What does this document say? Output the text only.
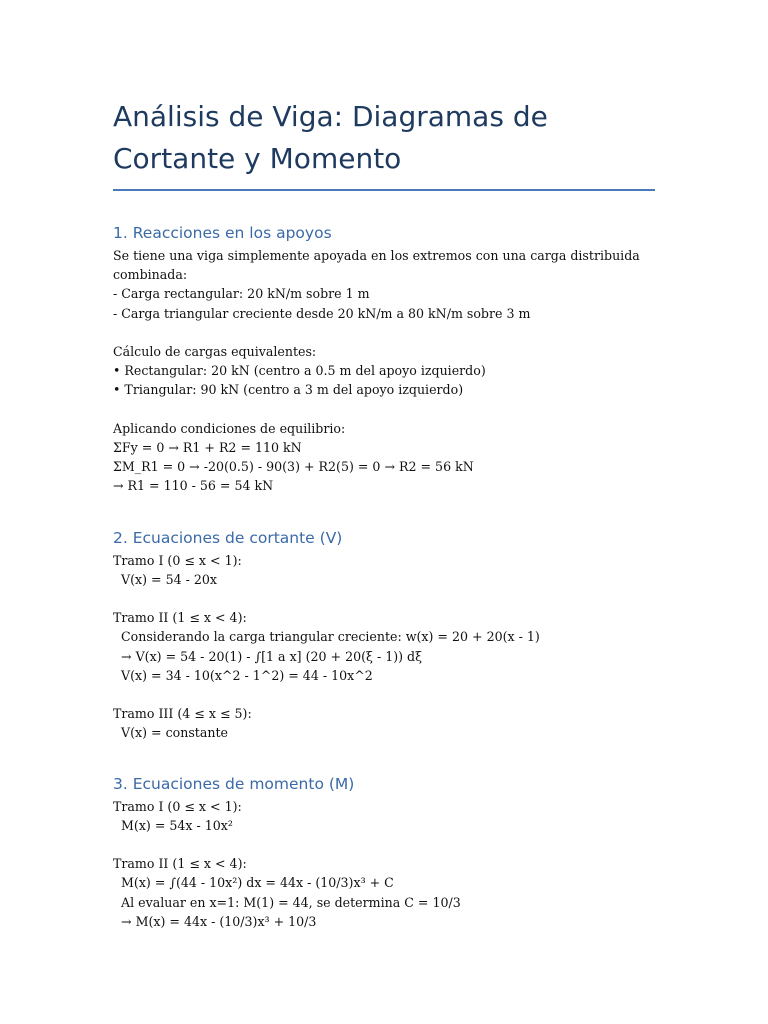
Análisis de Viga: Diagramas de Cortante y Momento
1. Reacciones en los apoyos

Se tiene una viga simplemente apoyada en los extremos con una carga distribuida
combinada:
- Carga rectangular: 20 kN/m sobre 1 m
- Carga triangular creciente desde 20 kN/m a 80 kN/m sobre 3 m

Cálculo de cargas equivalentes:
• Rectangular: 20 kN (centro a 0.5 m del apoyo izquierdo)
• Triangular: 90 kN (centro a 3 m del apoyo izquierdo)

Aplicando condiciones de equilibrio:
ΣFy = 0 → R1 + R2 = 110 kN
ΣM_R1 = 0 → -20(0.5) - 90(3) + R2(5) = 0 → R2 = 56 kN
→ R1 = 110 - 56 = 54 kN

2. Ecuaciones de cortante (V)

Tramo I (0 ≤ x < 1):
V(x) = 54 - 20x

Tramo II (1 ≤ x < 4):
Considerando la carga triangular creciente: w(x) = 20 + 20(x - 1)
→ V(x) = 54 - 20(1) - ∫[1 a x] (20 + 20(ξ - 1)) dξ
V(x) = 34 - 10(x^2 - 1^2) = 44 - 10x^2

Tramo III (4 ≤ x ≤ 5):
V(x) = constante

3. Ecuaciones de momento (M)

Tramo I (0 ≤ x < 1):
M(x) = 54x - 10x²

Tramo II (1 ≤ x < 4):
M(x) = ∫(44 - 10x²) dx = 44x - (10/3)x³ + C
Al evaluar en x=1: M(1) = 44, se determina C = 10/3
→ M(x) = 44x - (10/3)x³ + 10/3
